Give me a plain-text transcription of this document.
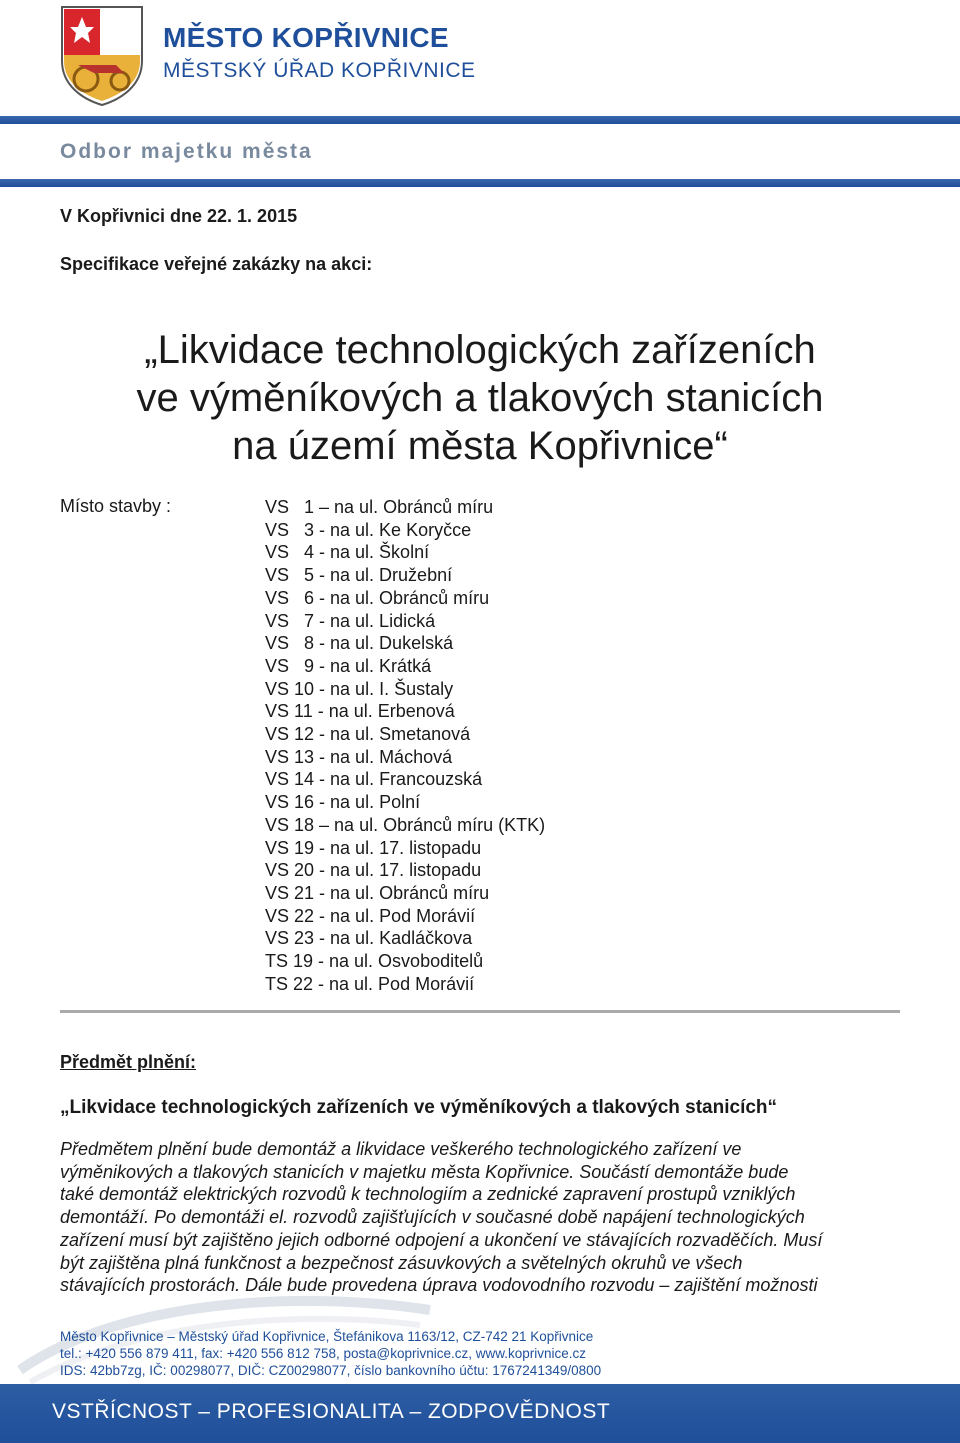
MĚSTO KOPŘIVNICE
MĚSTSKÝ ÚŘAD KOPŘIVNICE
Odbor majetku města
V Kopřivnici dne 22. 1. 2015
Specifikace veřejné zakázky na akci:
„Likvidace technologických zařízeních
ve výměníkových a tlakových stanicích
na území města Kopřivnice“
Místo stavby :	VS   1 – na ul. Obránců míru
VS   3 - na ul. Ke Koryčce
VS   4 - na ul. Školní
VS   5 - na ul. Družební
VS   6 - na ul. Obránců míru
VS   7 - na ul. Lidická
VS   8 - na ul. Dukelská
VS   9 - na ul. Krátká
VS 10 - na ul. I. Šustaly
VS 11 - na ul. Erbenová
VS 12 - na ul. Smetanová
VS 13 - na ul. Máchová
VS 14 - na ul. Francouzská
VS 16 - na ul. Polní
VS 18 – na ul. Obránců míru (KTK)
VS 19 - na ul. 17. listopadu
VS 20 - na ul. 17. listopadu
VS 21 - na ul. Obránců míru
VS 22 - na ul. Pod Morávií
VS 23 - na ul. Kadláčkova
TS 19 - na ul. Osvoboditelů
TS 22 - na ul. Pod Morávií
Předmět plnění:
„Likvidace technologických zařízeních ve výměníkových a tlakových stanicích“
Předmětem plnění bude demontáž a likvidace veškerého technologického zařízení ve
výměnikových a tlakových stanicích v majetku města Kopřivnice. Součástí demontáže bude
také demontáž elektrických rozvodů k technologiím a zednické zapravení prostupů vzniklých
demontáží. Po demontáži el. rozvodů zajišťujících v současné době napájení technologických
zařízení musí být zajištěno jejich odborné odpojení a ukončení ve stávajících rozvaděčích. Musí
být zajištěna plná funkčnost a bezpečnost zásuvkových a světelných okruhů ve všech
stávajících prostorách. Dále bude provedena úprava vodovodního rozvodu – zajištění možnosti
Město Kopřivnice – Městský úřad Kopřivnice, Štefánikova 1163/12, CZ-742 21 Kopřivnice
tel.: +420 556 879 411, fax: +420 556 812 758, posta@koprivnice.cz, www.koprivnice.cz
IDS: 42bb7zg, IČ: 00298077, DIČ: CZ00298077, číslo bankovního účtu: 1767241349/0800
VSTŘÍCNOST – PROFESIONALITA – ZODPOVĚDNOST
